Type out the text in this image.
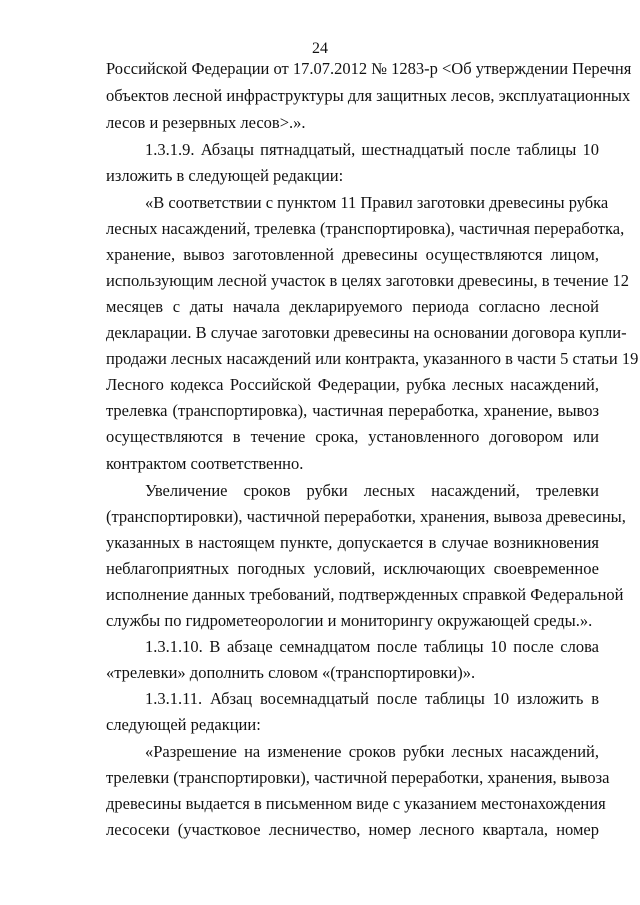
24
Российской Федерации от 17.07.2012 № 1283-р <Об утверждении Перечня
объектов лесной инфраструктуры для защитных лесов, эксплуатационных
лесов и резервных лесов>.».
1.3.1.9. Абзацы пятнадцатый, шестнадцатый после таблицы 10
изложить в следующей редакции:
«В соответствии с пунктом 11 Правил заготовки древесины рубка
лесных насаждений, трелевка (транспортировка), частичная переработка,
хранение, вывоз заготовленной древесины осуществляются лицом,
использующим лесной участок в целях заготовки древесины, в течение 12
месяцев с даты начала декларируемого периода согласно лесной
декларации. В случае заготовки древесины на основании договора купли-
продажи лесных насаждений или контракта, указанного в части 5 статьи 19
Лесного кодекса Российской Федерации, рубка лесных насаждений,
трелевка (транспортировка), частичная переработка, хранение, вывоз
осуществляются в течение срока, установленного договором или
контрактом соответственно.
Увеличение сроков рубки лесных насаждений, трелевки
(транспортировки), частичной переработки, хранения, вывоза древесины,
указанных в настоящем пункте, допускается в случае возникновения
неблагоприятных погодных условий, исключающих своевременное
исполнение данных требований, подтвержденных справкой Федеральной
службы по гидрометеорологии и мониторингу окружающей среды.».
1.3.1.10. В абзаце семнадцатом после таблицы 10 после слова
«трелевки» дополнить словом «(транспортировки)».
1.3.1.11. Абзац восемнадцатый после таблицы 10 изложить в
следующей редакции:
«Разрешение на изменение сроков рубки лесных насаждений,
трелевки (транспортировки), частичной переработки, хранения, вывоза
древесины выдается в письменном виде с указанием местонахождения
лесосеки (участковое лесничество, номер лесного квартала, номер
